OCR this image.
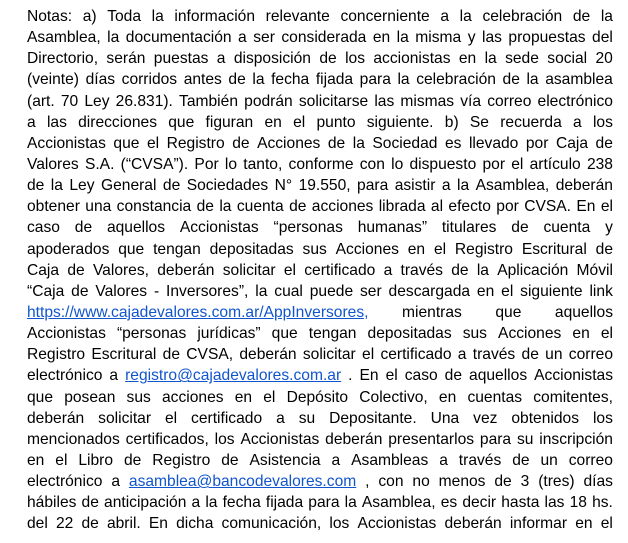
Notas: a) Toda la información relevante concerniente a la celebración de la
Asamblea, la documentación a ser considerada en la misma y las propuestas del
Directorio, serán puestas a disposición de los accionistas en la sede social 20
(veinte) días corridos antes de la fecha fijada para la celebración de la asamblea
(art. 70 Ley 26.831). También podrán solicitarse las mismas vía correo electrónico
a las direcciones que figuran en el punto siguiente. b) Se recuerda a los
Accionistas que el Registro de Acciones de la Sociedad es llevado por Caja de
Valores S.A. (“CVSA”). Por lo tanto, conforme con lo dispuesto por el artículo 238
de la Ley General de Sociedades N° 19.550, para asistir a la Asamblea, deberán
obtener una constancia de la cuenta de acciones librada al efecto por CVSA. En el
caso de aquellos Accionistas “personas humanas” titulares de cuenta y
apoderados que tengan depositadas sus Acciones en el Registro Escritural de
Caja de Valores, deberán solicitar el certificado a través de la Aplicación Móvil
“Caja de Valores - Inversores”, la cual puede ser descargada en el siguiente link
https://www.cajadevalores.com.ar/AppInversores, mientras que aquellos
Accionistas “personas jurídicas” que tengan depositadas sus Acciones en el
Registro Escritural de CVSA, deberán solicitar el certificado a través de un correo
electrónico a registro@cajadevalores.com.ar . En el caso de aquellos Accionistas
que posean sus acciones en el Depósito Colectivo, en cuentas comitentes,
deberán solicitar el certificado a su Depositante. Una vez obtenidos los
mencionados certificados, los Accionistas deberán presentarlos para su inscripción
en el Libro de Registro de Asistencia a Asambleas a través de un correo
electrónico a asamblea@bancodevalores.com , con no menos de 3 (tres) días
hábiles de anticipación a la fecha fijada para la Asamblea, es decir hasta las 18 hs.
del 22 de abril. En dicha comunicación, los Accionistas deberán informar en el
